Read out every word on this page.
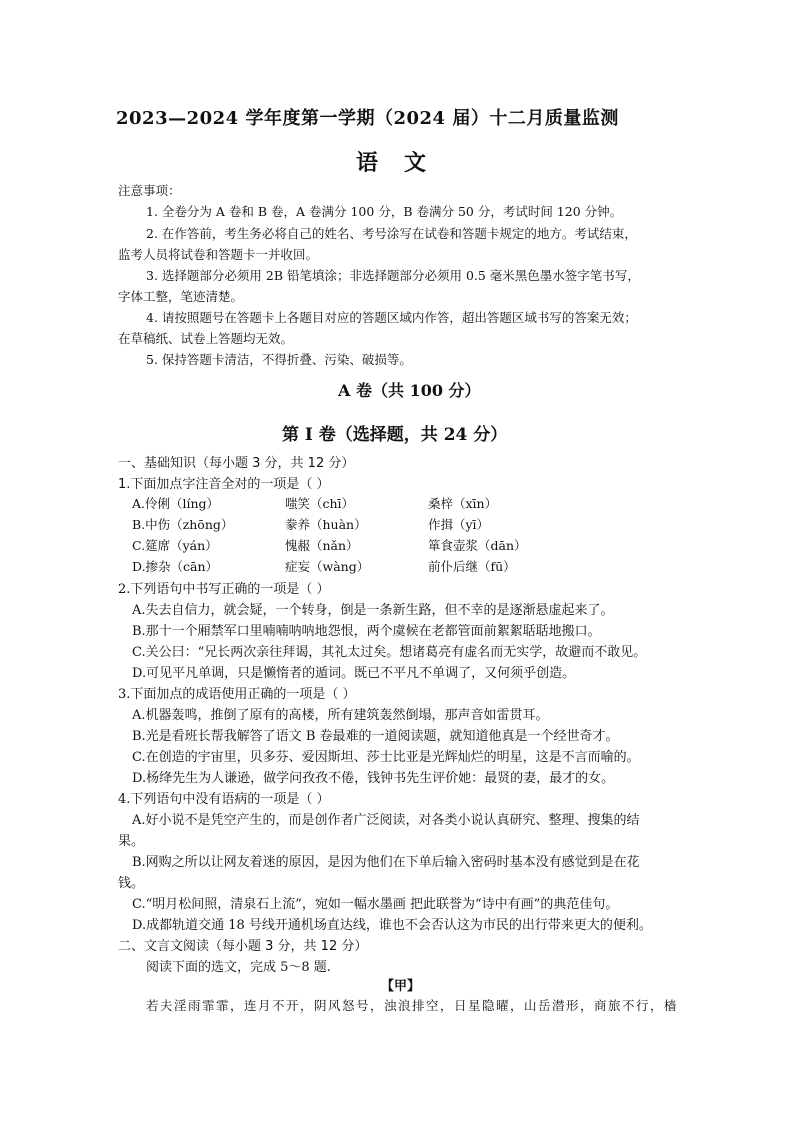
2023—2024 学年度第一学期（2024 届）十二月质量监测
语文
注意事项：
1. 全卷分为 A 卷和 B 卷，A 卷满分 100 分，B 卷满分 50 分，考试时间 120 分钟。
2. 在作答前，考生务必将自己的姓名、考号涂写在试卷和答题卡规定的地方。考试结束，
监考人员将试卷和答题卡一并收回。
3. 选择题部分必须用 2B 铅笔填涂；非选择题部分必须用 0.5 毫米黑色墨水签字笔书写，
字体工整，笔迹清楚。
4. 请按照题号在答题卡上各题目对应的答题区域内作答，超出答题区域书写的答案无效；
在草稿纸、试卷上答题均无效。
5. 保持答题卡清洁，不得折叠、污染、破损等。
A 卷（共 100 分）
第 I 卷（选择题，共 24 分）
一、基础知识（每小题 3 分，共 12 分）
1.下面加点字注音全对的一项是（ ）
A.伶俐（líng）	嗤笑（chī）	桑梓（xīn）
B.中伤（zhōng）	豢养（huàn）	作揖（yī）
C.筵席（yán）	愧赧（nǎn）	箪食壶浆（dān）
D.掺杂（cān）	症妄（wàng）	前仆后继（fū）
2.下列语句中书写正确的一项是（ ）
A.失去自信力，就会疑，一个转身，倒是一条新生路，但不幸的是逐渐悬虚起来了。
B.那十一个厢禁军口里喃喃呐呐地怨恨，两个虞候在老都管面前絮絮聒聒地搬口。
C.关公曰：“兄长两次亲往拜谒，其礼太过矣。想诸葛亮有虚名而无实学，故避而不敢见。
D.可见平凡单调，只是懒惰者的遁词。既已不平凡不单调了，又何须乎创造。
3.下面加点的成语使用正确的一项是（ ）
A.机器轰鸣，推倒了原有的高楼，所有建筑轰然倒塌，那声音如雷贯耳。
B.光是看班长帮我解答了语文 B 卷最难的一道阅读题，就知道他真是一个经世奇才。
C.在创造的宇宙里，贝多芬、爱因斯坦、莎士比亚是光辉灿烂的明星，这是不言而喻的。
D.杨绛先生为人谦逊，做学问孜孜不倦，钱钟书先生评价她：最贤的妻，最才的女。
4.下列语句中没有语病的一项是（ ）
A.好小说不是凭空产生的，而是创作者广泛阅读，对各类小说认真研究、整理、搜集的结
果。
B.网购之所以让网友着迷的原因，是因为他们在下单后输入密码时基本没有感觉到是在花
钱。
C.“明月松间照，清泉石上流”，宛如一幅水墨画 把此联誉为“诗中有画”的典范佳句。
D.成都轨道交通 18 号线开通机场直达线，谁也不会否认这为市民的出行带来更大的便利。
二、文言文阅读（每小题 3 分，共 12 分）
阅读下面的选文，完成 5～8 题.
【甲】
若夫淫雨霏霏，连月不开，阴风怒号，浊浪排空，日星隐曜，山岳潜形，商旅不行，樯
